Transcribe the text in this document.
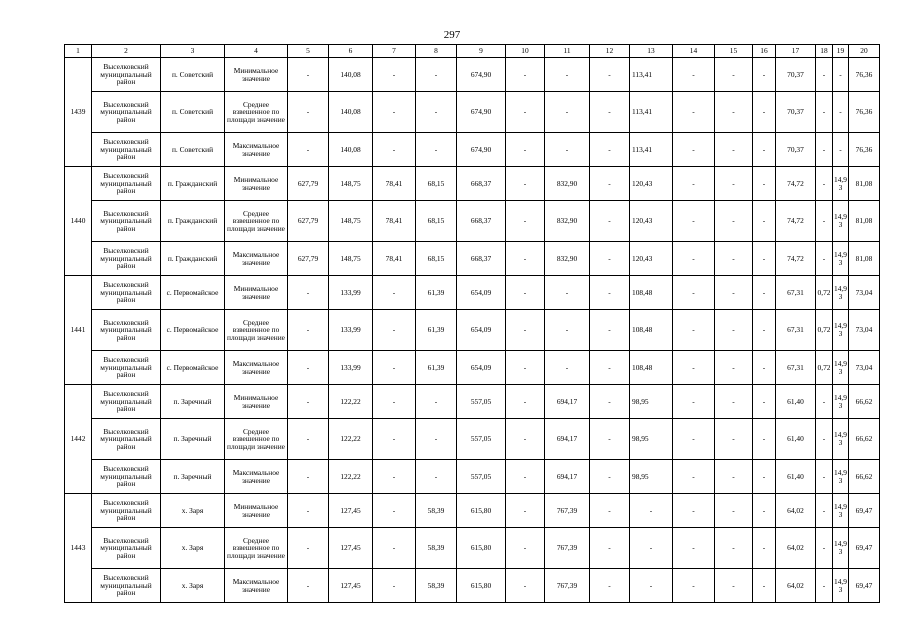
297
1	2	3	4	5	6	7	8	9	10	11	12	13	14	15	16	17	18	19	20
1439	Выселковский муниципальный район	п. Советский	Минимальное значение	-	140,08	-	-	674,90	-	-	-	113,41	-	-	-	70,37	-	-	76,36
	Выселковский муниципальный район	п. Советский	Среднее взвешенное по площади значение	-	140,08	-	-	674,90	-	-	-	113,41	-	-	-	70,37	-	-	76,36
	Выселковский муниципальный район	п. Советский	Максимальное значение	-	140,08	-	-	674,90	-	-	-	113,41	-	-	-	70,37	-	-	76,36
1440	Выселковский муниципальный район	п. Гражданский	Минимальное значение	627,79	148,75	78,41	68,15	668,37	-	832,90	-	120,43	-	-	-	74,72	-	14,93	81,08
	Выселковский муниципальный район	п. Гражданский	Среднее взвешенное по площади значение	627,79	148,75	78,41	68,15	668,37	-	832,90	-	120,43	-	-	-	74,72	-	14,93	81,08
	Выселковский муниципальный район	п. Гражданский	Максимальное значение	627,79	148,75	78,41	68,15	668,37	-	832,90	-	120,43	-	-	-	74,72	-	14,93	81,08
1441	Выселковский муниципальный район	с. Первомайское	Минимальное значение	-	133,99	-	61,39	654,09	-	-	-	108,48	-	-	-	67,31	0,72	14,93	73,04
	Выселковский муниципальный район	с. Первомайское	Среднее взвешенное по площади значение	-	133,99	-	61,39	654,09	-	-	-	108,48	-	-	-	67,31	0,72	14,93	73,04
	Выселковский муниципальный район	с. Первомайское	Максимальное значение	-	133,99	-	61,39	654,09	-	-	-	108,48	-	-	-	67,31	0,72	14,93	73,04
1442	Выселковский муниципальный район	п. Заречный	Минимальное значение	-	122,22	-	-	557,05	-	694,17	-	98,95	-	-	-	61,40	-	14,93	66,62
	Выселковский муниципальный район	п. Заречный	Среднее взвешенное по площади значение	-	122,22	-	-	557,05	-	694,17	-	98,95	-	-	-	61,40	-	14,93	66,62
	Выселковский муниципальный район	п. Заречный	Максимальное значение	-	122,22	-	-	557,05	-	694,17	-	98,95	-	-	-	61,40	-	14,93	66,62
1443	Выселковский муниципальный район	х. Заря	Минимальное значение	-	127,45	-	58,39	615,80	-	767,39	-	-	-	-	-	64,02	-	14,93	69,47
	Выселковский муниципальный район	х. Заря	Среднее взвешенное по площади значение	-	127,45	-	58,39	615,80	-	767,39	-	-	-	-	-	64,02	-	14,93	69,47
	Выселковский муниципальный район	х. Заря	Максимальное значение	-	127,45	-	58,39	615,80	-	767,39	-	-	-	-	-	64,02	-	14,93	69,47
